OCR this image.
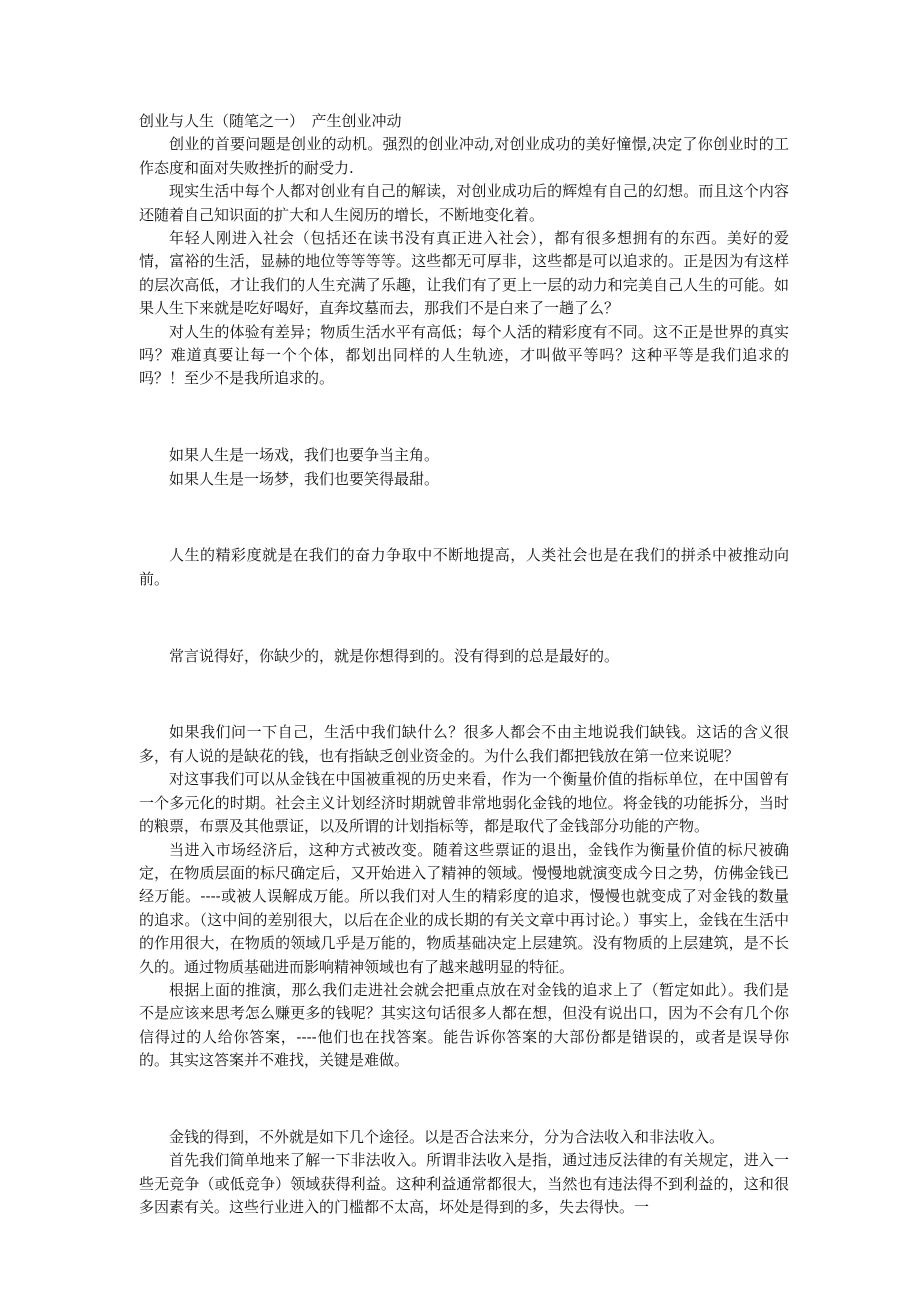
创业与人生（随笔之一）　产生创业冲动

创业的首要问题是创业的动机。强烈的创业冲动,对创业成功的美好憧憬,决定了你创业时的工作态度和面对失败挫折的耐受力.

现实生活中每个人都对创业有自己的解读，对创业成功后的辉煌有自己的幻想。而且这个内容还随着自己知识面的扩大和人生阅历的增长，不断地变化着。

年轻人刚进入社会（包括还在读书没有真正进入社会），都有很多想拥有的东西。美好的爱情，富裕的生活，显赫的地位等等等等。这些都无可厚非，这些都是可以追求的。正是因为有这样的层次高低，才让我们的人生充满了乐趣，让我们有了更上一层的动力和完美自己人生的可能。如果人生下来就是吃好喝好，直奔坟墓而去，那我们不是白来了一趟了么？

对人生的体验有差异；物质生活水平有高低；每个人活的精彩度有不同。这不正是世界的真实吗？难道真要让每一个个体，都划出同样的人生轨迹，才叫做平等吗？这种平等是我们追求的吗？！至少不是我所追求的。

如果人生是一场戏，我们也要争当主角。

如果人生是一场梦，我们也要笑得最甜。

人生的精彩度就是在我们的奋力争取中不断地提高，人类社会也是在我们的拼杀中被推动向前。

常言说得好，你缺少的，就是你想得到的。没有得到的总是最好的。

如果我们问一下自己，生活中我们缺什么？很多人都会不由主地说我们缺钱。这话的含义很多，有人说的是缺花的钱，也有指缺乏创业资金的。为什么我们都把钱放在第一位来说呢？

对这事我们可以从金钱在中国被重视的历史来看，作为一个衡量价值的指标单位，在中国曾有一个多元化的时期。社会主义计划经济时期就曾非常地弱化金钱的地位。将金钱的功能拆分，当时的粮票，布票及其他票证，以及所谓的计划指标等，都是取代了金钱部分功能的产物。

当进入市场经济后，这种方式被改变。随着这些票证的退出，金钱作为衡量价值的标尺被确定，在物质层面的标尺确定后，又开始进入了精神的领域。慢慢地就演变成今日之势，仿佛金钱已经万能。----或被人误解成万能。所以我们对人生的精彩度的追求，慢慢也就变成了对金钱的数量的追求。（这中间的差别很大，以后在企业的成长期的有关文章中再讨论。）事实上，金钱在生活中的作用很大，在物质的领域几乎是万能的，物质基础决定上层建筑。没有物质的上层建筑，是不长久的。通过物质基础进而影响精神领域也有了越来越明显的特征。

根据上面的推演，那么我们走进社会就会把重点放在对金钱的追求上了（暂定如此）。我们是不是应该来思考怎么赚更多的钱呢？其实这句话很多人都在想，但没有说出口，因为不会有几个你信得过的人给你答案，----他们也在找答案。能告诉你答案的大部份都是错误的，或者是误导你的。其实这答案并不难找，关键是难做。

金钱的得到，不外就是如下几个途径。以是否合法来分，分为合法收入和非法收入。

首先我们简单地来了解一下非法收入。所谓非法收入是指，通过违反法律的有关规定，进入一些无竞争（或低竞争）领域获得利益。这种利益通常都很大，当然也有违法得不到利益的，这和很多因素有关。这些行业进入的门槛都不太高，坏处是得到的多，失去得快。一
